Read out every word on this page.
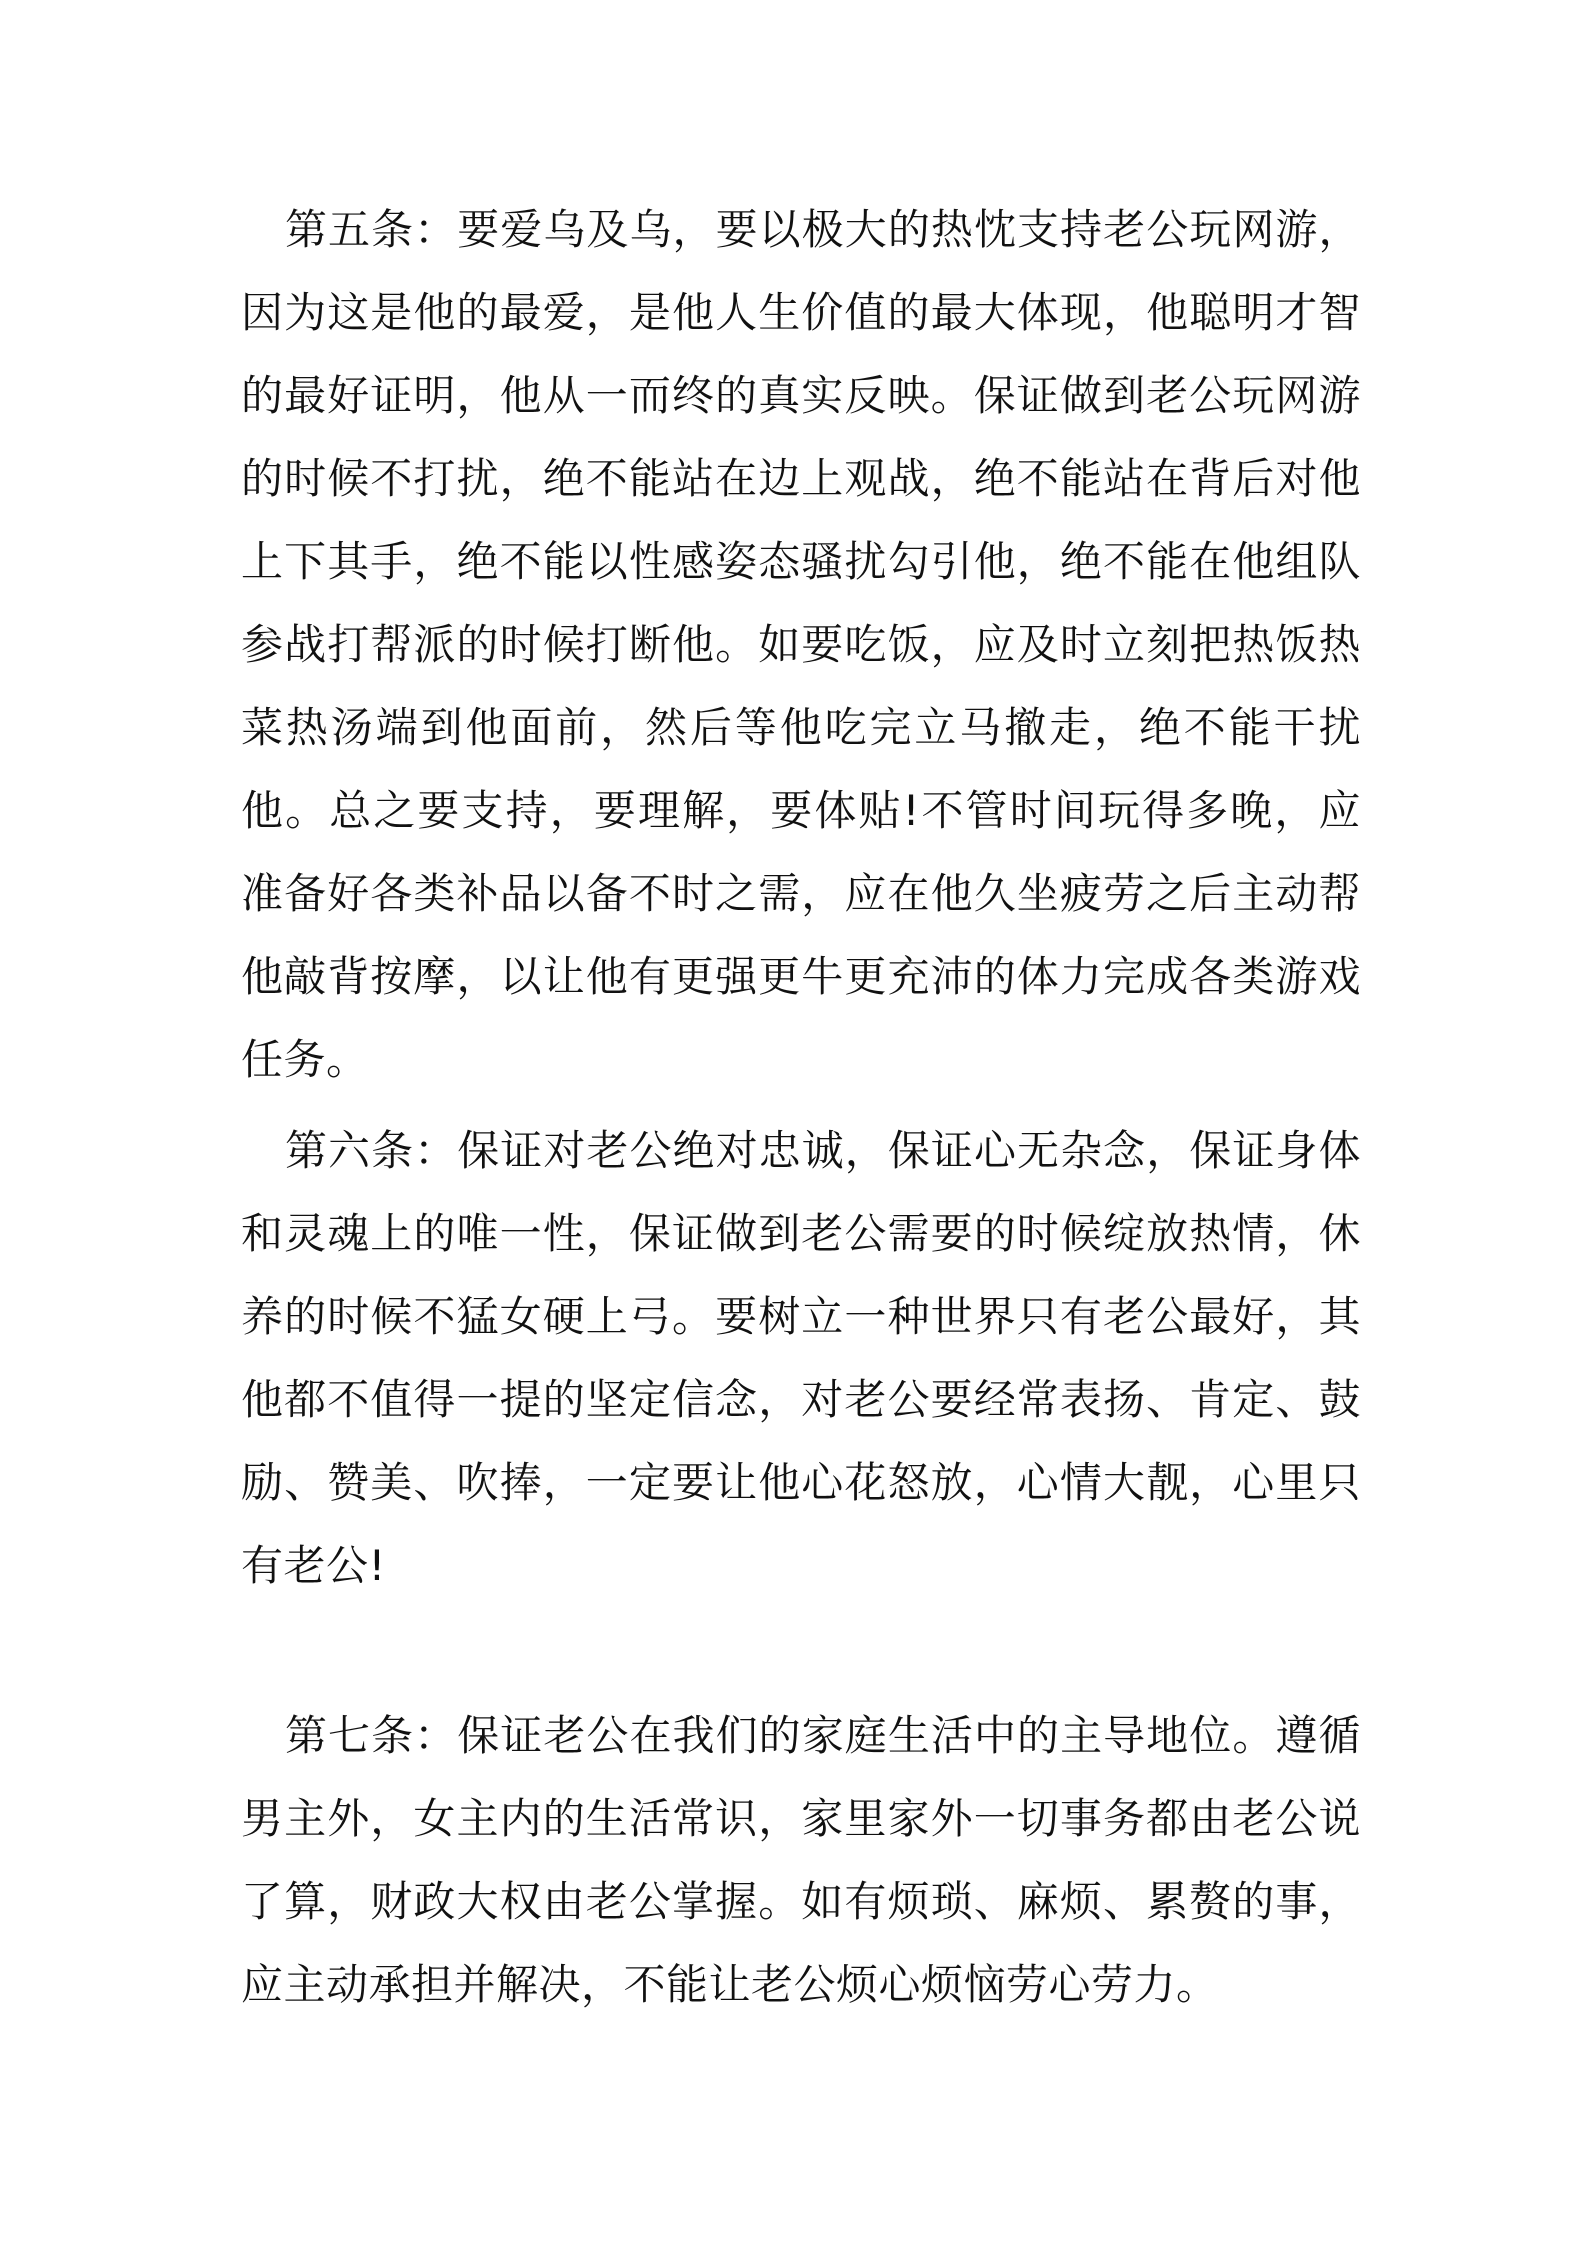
第五条：要爱乌及乌，要以极大的热忱支持老公玩网游，因为这是他的最爱，是他人生价值的最大体现，他聪明才智的最好证明，他从一而终的真实反映。保证做到老公玩网游的时候不打扰，绝不能站在边上观战，绝不能站在背后对他上下其手，绝不能以性感姿态骚扰勾引他，绝不能在他组队参战打帮派的时候打断他。如要吃饭，应及时立刻把热饭热菜热汤端到他面前，然后等他吃完立马撤走，绝不能干扰他。总之要支持，要理解，要体贴!不管时间玩得多晚，应准备好各类补品以备不时之需，应在他久坐疲劳之后主动帮他敲背按摩，以让他有更强更牛更充沛的体力完成各类游戏任务。

第六条：保证对老公绝对忠诚，保证心无杂念，保证身体和灵魂上的唯一性，保证做到老公需要的时候绽放热情，休养的时候不猛女硬上弓。要树立一种世界只有老公最好，其他都不值得一提的坚定信念，对老公要经常表扬、肯定、鼓励、赞美、吹捧，一定要让他心花怒放，心情大靓，心里只有老公!

第七条：保证老公在我们的家庭生活中的主导地位。遵循男主外，女主内的生活常识，家里家外一切事务都由老公说了算，财政大权由老公掌握。如有烦琐、麻烦、累赘的事，应主动承担并解决，不能让老公烦心烦恼劳心劳力。
